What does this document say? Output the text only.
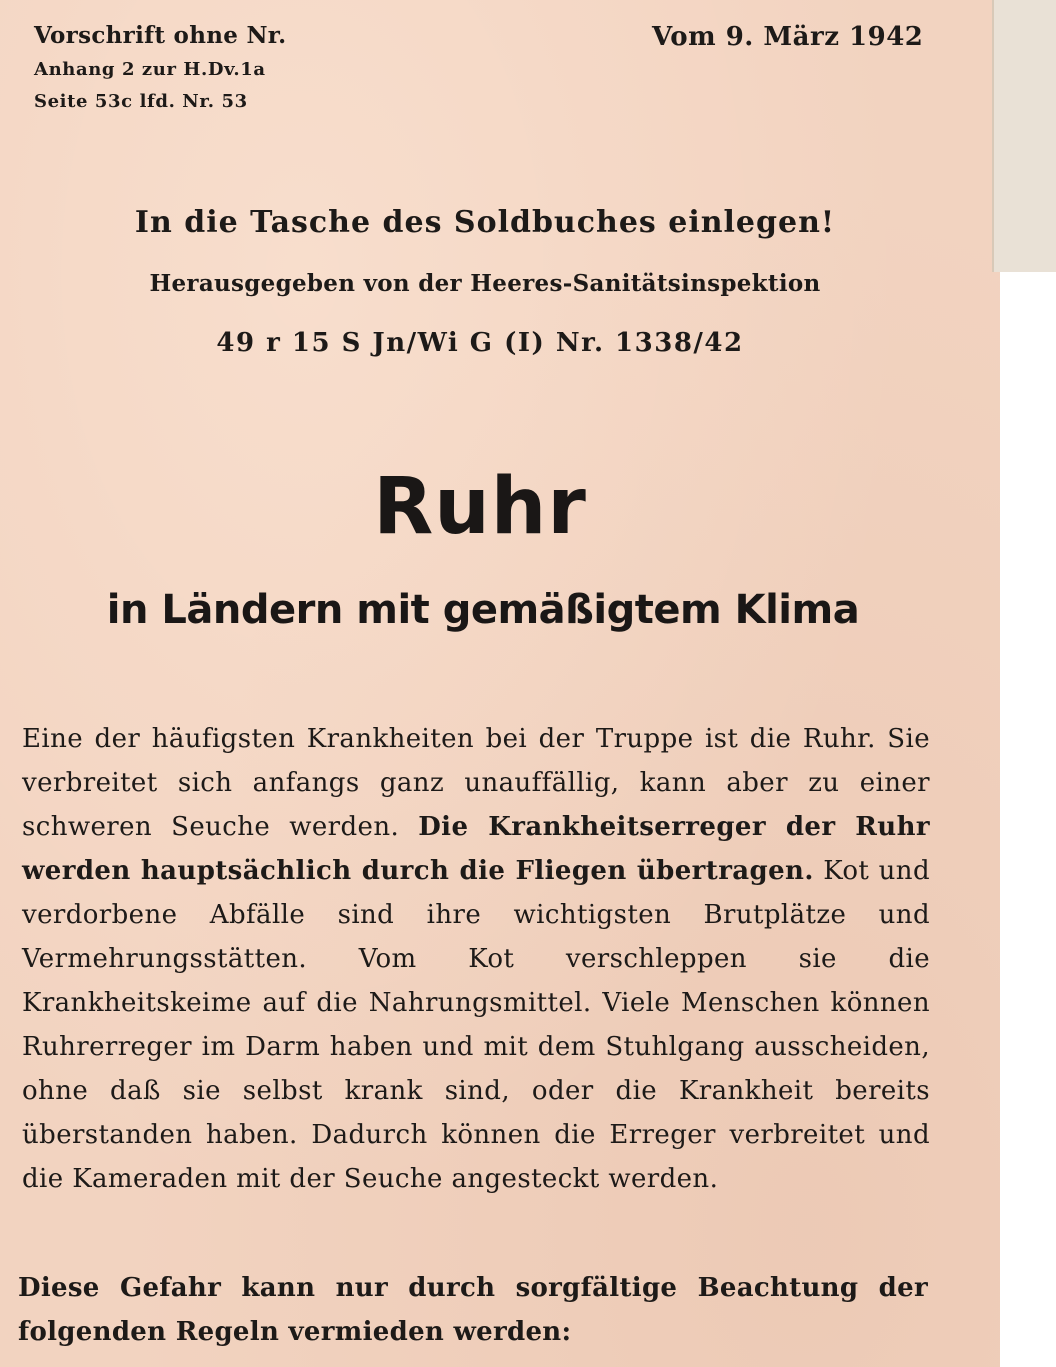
Vorschrift ohne Nr.
Anhang 2 zur H.Dv.1a
Seite 53c lfd. Nr. 53
Vom 9. März 1942
In die Tasche des Soldbuches einlegen!
Herausgegeben von der Heeres-Sanitätsinspektion
49 r 15 S Jn/Wi G (I) Nr. 1338/42
Ruhr
in Ländern mit gemäßigtem Klima
Eine der häufigsten Krankheiten bei der Truppe ist die Ruhr. Sie verbreitet sich anfangs ganz unauffällig, kann aber zu einer schweren Seuche werden. Die Krankheitserreger der Ruhr werden hauptsächlich durch die Fliegen übertragen. Kot und verdorbene Abfälle sind ihre wichtigsten Brutplätze und Vermehrungsstätten. Vom Kot verschleppen sie die Krankheitskeime auf die Nahrungsmittel. Viele Menschen können Ruhrerreger im Darm haben und mit dem Stuhlgang ausscheiden, ohne daß sie selbst krank sind, oder die Krankheit bereits überstanden haben. Dadurch können die Erreger verbreitet und die Kameraden mit der Seuche angesteckt werden.
Diese Gefahr kann nur durch sorgfältige Beachtung der folgenden Regeln vermieden werden:
